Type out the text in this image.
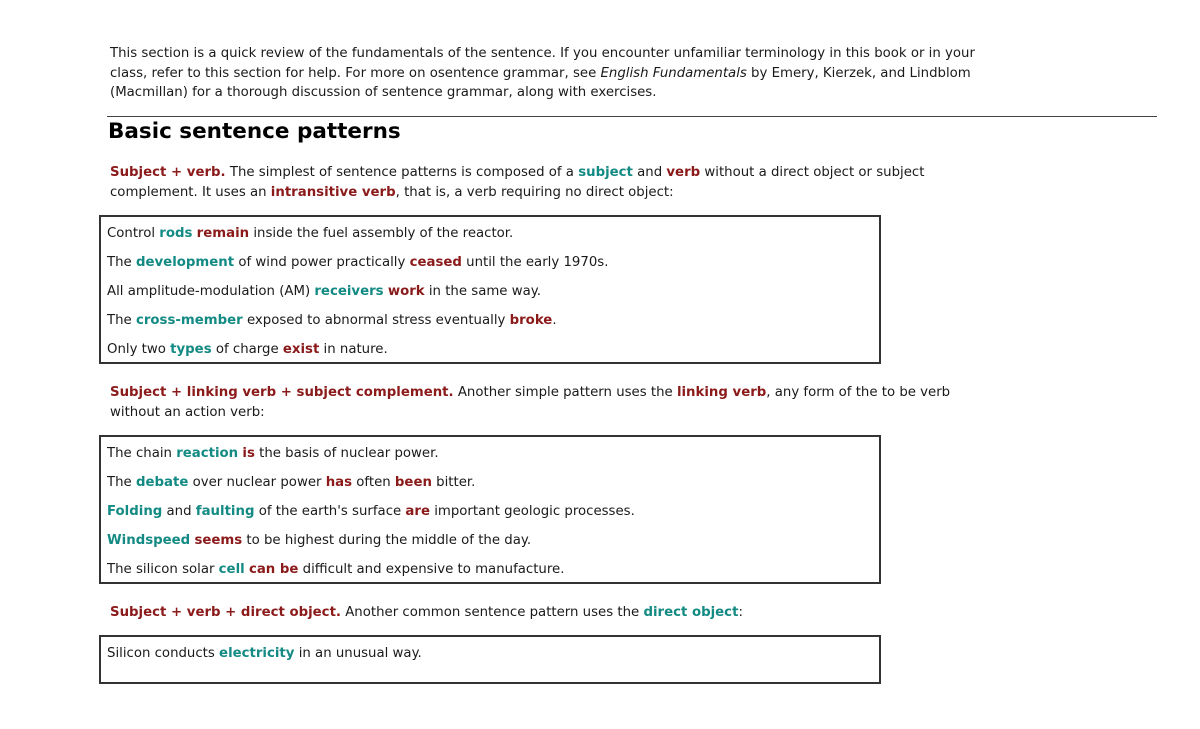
This section is a quick review of the fundamentals of the sentence. If you encounter unfamiliar terminology in this book or in your class, refer to this section for help. For more on osentence grammar, see English Fundamentals by Emery, Kierzek, and Lindblom (Macmillan) for a thorough discussion of sentence grammar, along with exercises.

Basic sentence patterns

Subject + verb. The simplest of sentence patterns is composed of a subject and verb without a direct object or subject complement. It uses an intransitive verb, that is, a verb requiring no direct object:

Control rods remain inside the fuel assembly of the reactor.

The development of wind power practically ceased until the early 1970s.

All amplitude-modulation (AM) receivers work in the same way.

The cross-member exposed to abnormal stress eventually broke.

Only two types of charge exist in nature.

Subject + linking verb + subject complement. Another simple pattern uses the linking verb, any form of the to be verb without an action verb:

The chain reaction is the basis of nuclear power.

The debate over nuclear power has often been bitter.

Folding and faulting of the earth's surface are important geologic processes.

Windspeed seems to be highest during the middle of the day.

The silicon solar cell can be difficult and expensive to manufacture.

Subject + verb + direct object. Another common sentence pattern uses the direct object:

Silicon conducts electricity in an unusual way.
